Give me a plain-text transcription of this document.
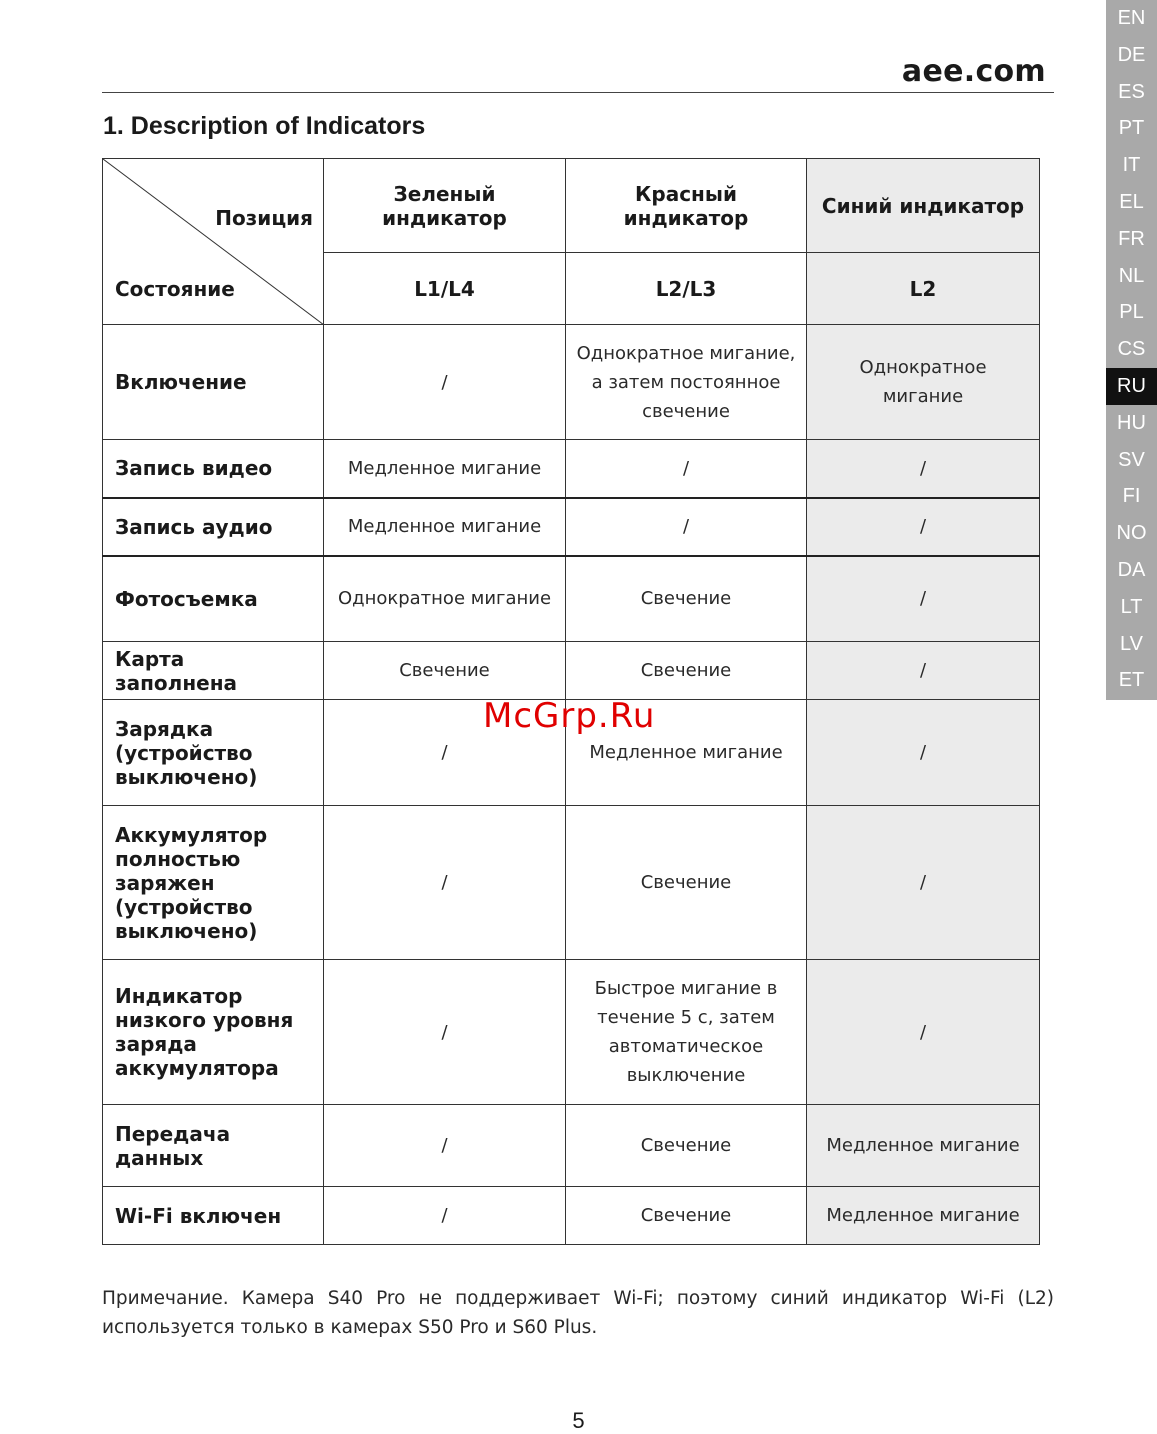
aee.com
1. Description of Indicators
EN
DE
ES
PT
IT
EL
FR
NL
PL
CS
RU
HU
SV
FI
NO
DA
LT
LV
ET
Позиция
Состояние	Зеленый индикатор	Красный индикатор	Синий индикатор
	L1/L4	L2/L3	L2
Включение	/	Однократное мигание, а затем постоянное свечение	Однократное мигание
Запись видео	Медленное мигание	/	/
Запись аудио	Медленное мигание	/	/
Фотосъемка	Однократное мигание	Свечение	/
Карта заполнена	Свечение	Свечение	/
Зарядка (устройство выключено)	/	Медленное мигание	/
Аккумулятор полностью заряжен (устройство выключено)	/	Свечение	/
Индикатор низкого уровня заряда аккумулятора	/	Быстрое мигание в течение 5 с, затем автоматическое выключение	/
Передача данных	/	Свечение	Медленное мигание
Wi-Fi включен	/	Свечение	Медленное мигание
McGrp.Ru
Примечание. Камера S40 Pro не поддерживает Wi-Fi; поэтому синий индикатор Wi-Fi (L2) используется только в камерах S50 Pro и S60 Plus.
5
